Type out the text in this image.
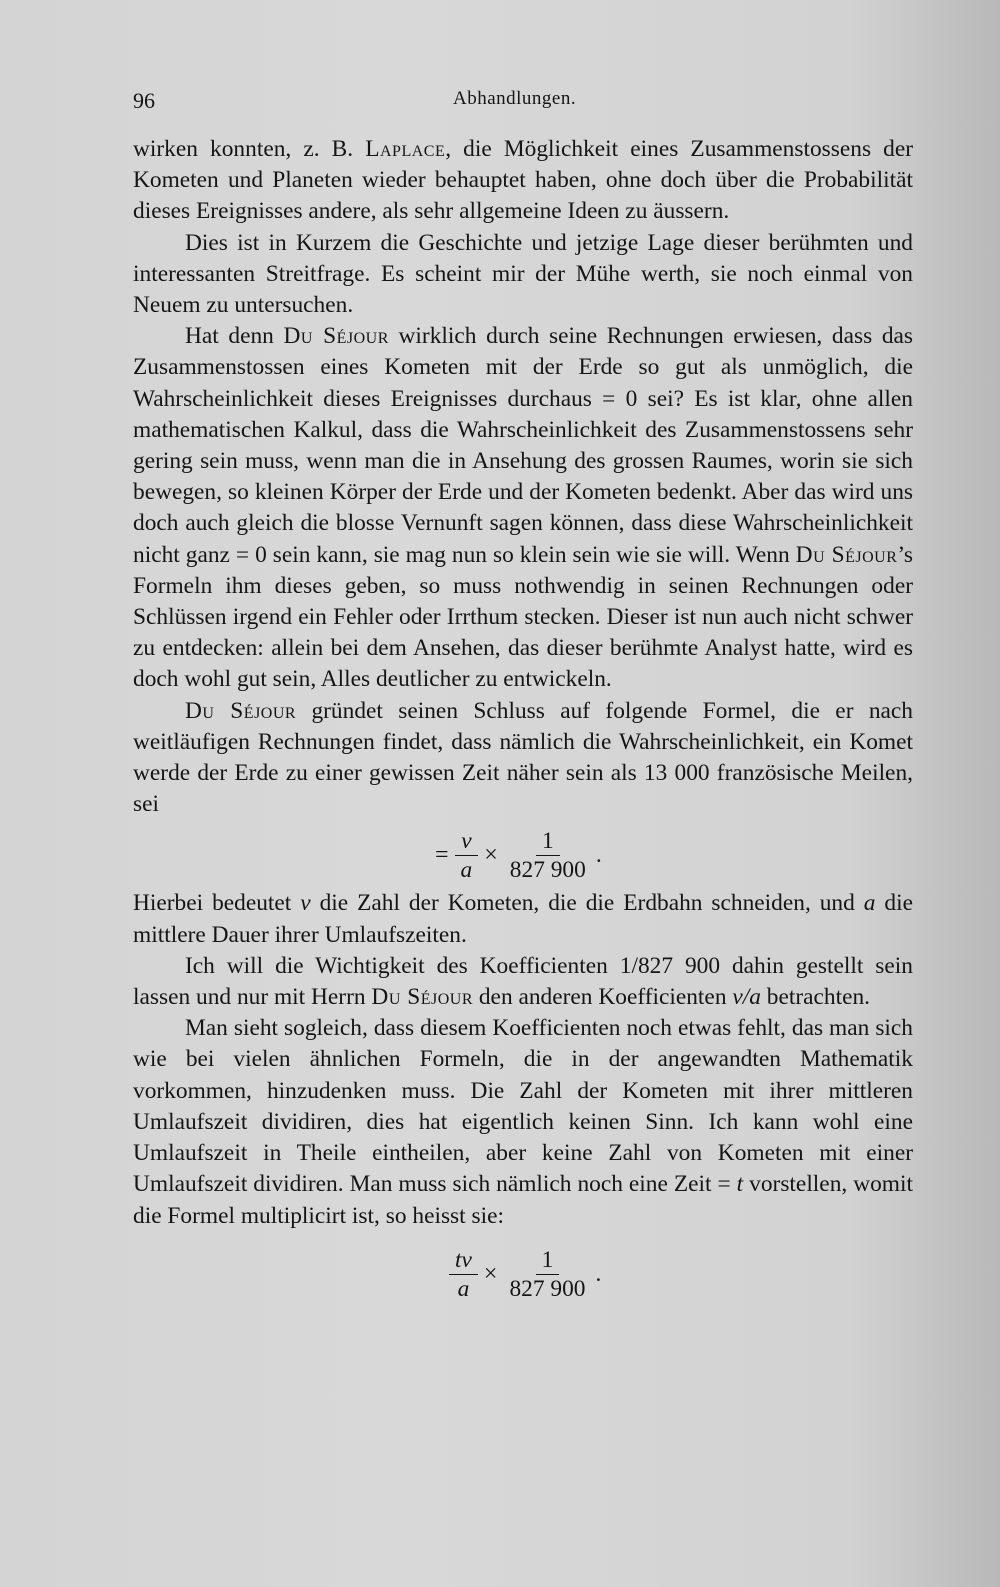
96	Abhandlungen.

wirken konnten, z. B. Laplace, die Möglichkeit eines Zusammenstossens der Kometen und Planeten wieder behauptet haben, ohne doch über die Probabilität dieses Ereignisses andere, als sehr allgemeine Ideen zu äussern.

Dies ist in Kurzem die Geschichte und jetzige Lage dieser berühmten und interessanten Streitfrage. Es scheint mir der Mühe werth, sie noch einmal von Neuem zu untersuchen.

Hat denn Du Séjour wirklich durch seine Rechnungen erwiesen, dass das Zusammenstossen eines Kometen mit der Erde so gut als unmöglich, die Wahrscheinlichkeit dieses Ereignisses durchaus = 0 sei? Es ist klar, ohne allen mathematischen Kalkul, dass die Wahrscheinlichkeit des Zusammenstossens sehr gering sein muss, wenn man die in Ansehung des grossen Raumes, worin sie sich bewegen, so kleinen Körper der Erde und der Kometen bedenkt. Aber das wird uns doch auch gleich die blosse Vernunft sagen können, dass diese Wahrscheinlichkeit nicht ganz = 0 sein kann, sie mag nun so klein sein wie sie will. Wenn Du Séjour’s Formeln ihm dieses geben, so muss nothwendig in seinen Rechnungen oder Schlüssen irgend ein Fehler oder Irrthum stecken. Dieser ist nun auch nicht schwer zu entdecken: allein bei dem Ansehen, das dieser berühmte Analyst hatte, wird es doch wohl gut sein, Alles deutlicher zu entwickeln.

Du Séjour gründet seinen Schluss auf folgende Formel, die er nach weitläufigen Rechnungen findet, dass nämlich die Wahrscheinlichkeit, ein Komet werde der Erde zu einer gewissen Zeit näher sein als 13 000 französische Meilen, sei

= $\frac{\nu}{a} \times \frac{1}{827 900}$ .

Hierbei bedeutet ν die Zahl der Kometen, die die Erdbahn schneiden, und a die mittlere Dauer ihrer Umlaufszeiten.

Ich will die Wichtigkeit des Koefficienten 1/827 900 dahin gestellt sein lassen und nur mit Herrn Du Séjour den anderen Koefficienten ν/a betrachten.

Man sieht sogleich, dass diesem Koefficienten noch etwas fehlt, das man sich wie bei vielen ähnlichen Formeln, die in der angewandten Mathematik vorkommen, hinzudenken muss. Die Zahl der Kometen mit ihrer mittleren Umlaufszeit dividiren, dies hat eigentlich keinen Sinn. Ich kann wohl eine Umlaufszeit in Theile eintheilen, aber keine Zahl von Kometen mit einer Umlaufszeit dividiren. Man muss sich nämlich noch eine Zeit = t vorstellen, womit die Formel multiplicirt ist, so heisst sie:

$\frac{t\nu}{a} \times \frac{1}{827 900}$ .
